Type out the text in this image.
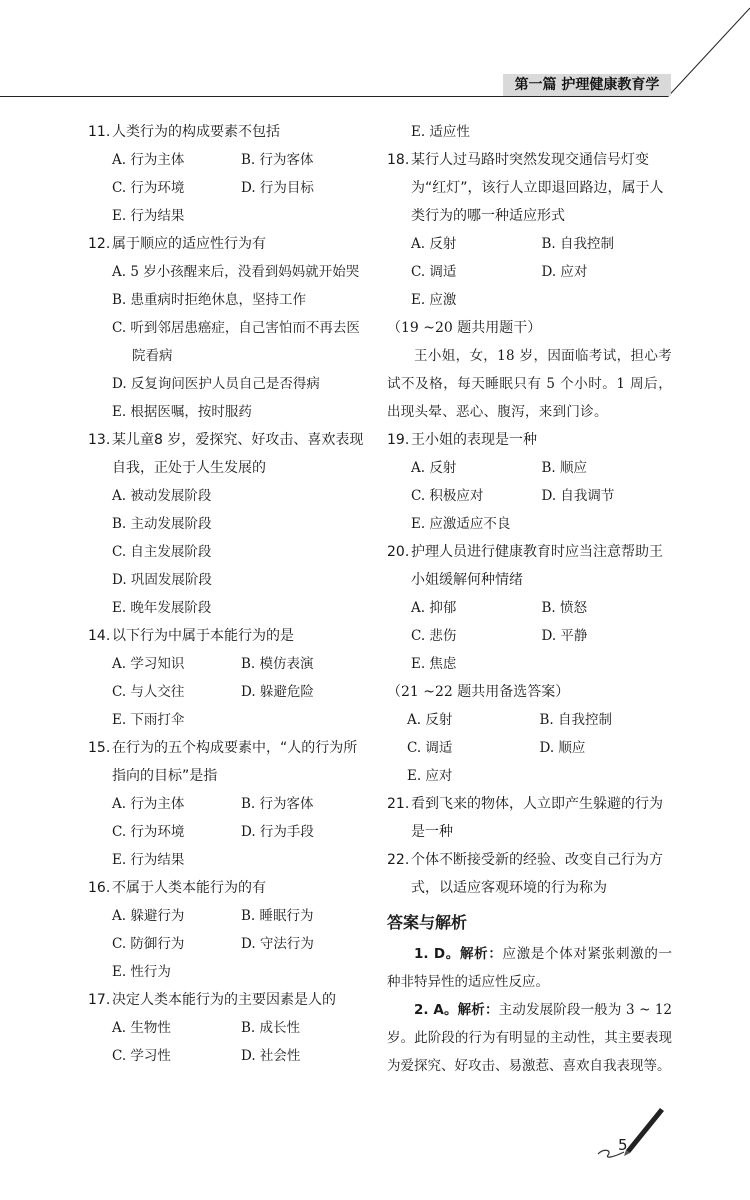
第一篇 护理健康教育学
11. 人类行为的构成要素不包括
A. 行为主体	B. 行为客体
C. 行为环境	D. 行为目标
E. 行为结果
12. 属于顺应的适应性行为有
A. 5 岁小孩醒来后，没看到妈妈就开始哭
B. 患重病时拒绝休息，坚持工作
C. 听到邻居患癌症，自己害怕而不再去医院看病
D. 反复询问医护人员自己是否得病
E. 根据医嘱，按时服药
13. 某儿童8 岁，爱探究、好攻击、喜欢表现自我，正处于人生发展的
A. 被动发展阶段
B. 主动发展阶段
C. 自主发展阶段
D. 巩固发展阶段
E. 晚年发展阶段
14. 以下行为中属于本能行为的是
A. 学习知识	B. 模仿表演
C. 与人交往	D. 躲避危险
E. 下雨打伞
15. 在行为的五个构成要素中，“人的行为所指向的目标”是指
A. 行为主体	B. 行为客体
C. 行为环境	D. 行为手段
E. 行为结果
16. 不属于人类本能行为的有
A. 躲避行为	B. 睡眠行为
C. 防御行为	D. 守法行为
E. 性行为
17. 决定人类本能行为的主要因素是人的
A. 生物性	B. 成长性
C. 学习性	D. 社会性
E. 适应性
18. 某行人过马路时突然发现交通信号灯变为“红灯”，该行人立即退回路边，属于人类行为的哪一种适应形式
A. 反射	B. 自我控制
C. 调适	D. 应对
E. 应激
（19 ~20 题共用题干）
王小姐，女，18 岁，因面临考试，担心考试不及格，每天睡眠只有 5 个小时。1 周后，出现头晕、恶心、腹泻，来到门诊。
19. 王小姐的表现是一种
A. 反射	B. 顺应
C. 积极应对	D. 自我调节
E. 应激适应不良
20. 护理人员进行健康教育时应当注意帮助王小姐缓解何种情绪
A. 抑郁	B. 愤怒
C. 悲伤	D. 平静
E. 焦虑
（21 ~22 题共用备选答案）
A. 反射	B. 自我控制
C. 调适	D. 顺应
E. 应对
21. 看到飞来的物体，人立即产生躲避的行为是一种
22. 个体不断接受新的经验、改变自己行为方式，以适应客观环境的行为称为
答案与解析
1. D。解析：应激是个体对紧张刺激的一种非特异性的适应性反应。
2. A。解析：主动发展阶段一般为 3 ~ 12 岁。此阶段的行为有明显的主动性，其主要表现为爱探究、好攻击、易激惹、喜欢自我表现等。
5
